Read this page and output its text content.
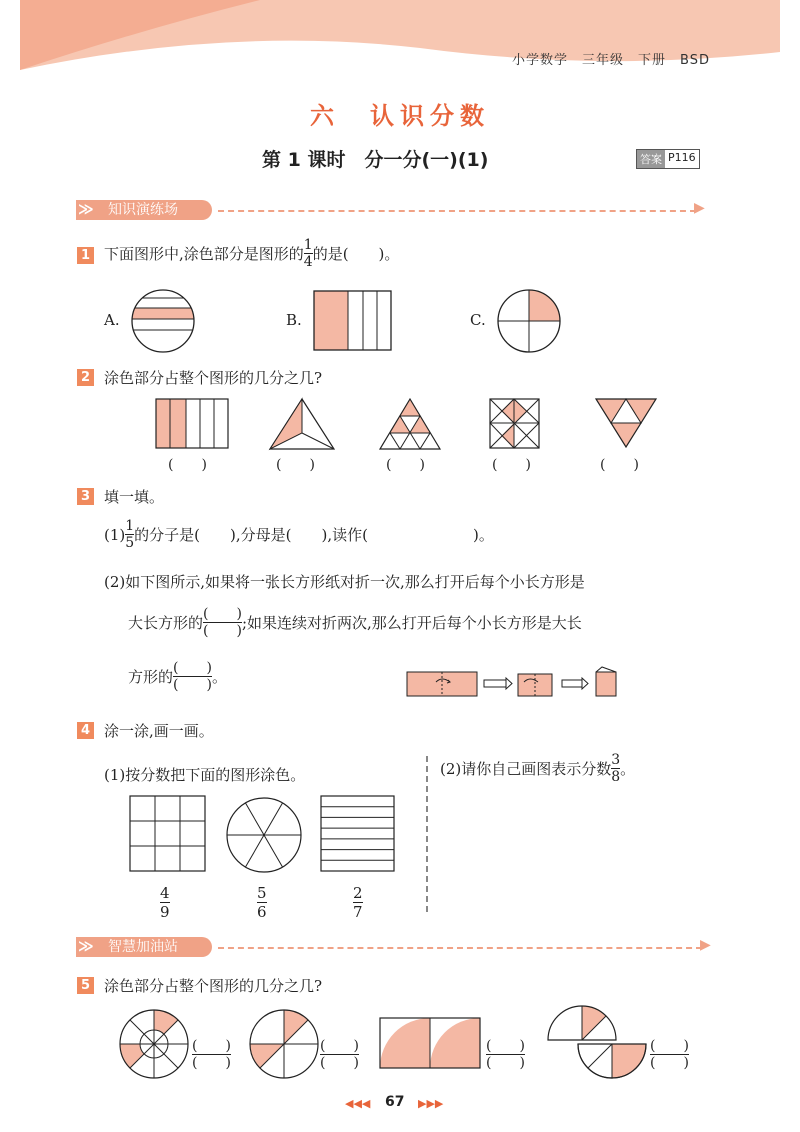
小学数学　三年级　下册　BSD
六　认识分数
第 1 课时　分一分(一)(1)	答案 P116
知识演练场
≫	▶
1 下面图形中,涂色部分是图形的 $\frac{1}{4}$ 的是(　　)。
A.	B.	C.
2 涂色部分占整个图形的几分之几?
(　　)	(　　)	(　　)	(　　)	(　　)
3 填一填。
$(1) \frac{1}{5}$ 的分子是(　　),分母是(　　),读作(　　　　　　　)。
(2)如下图所示,如果将一张长方形纸对折一次,那么打开后每个小长方形是
大长方形的 $\frac{( )}{( )}$ ;如果连续对折两次,那么打开后每个小长方形是大长
方形的 $\frac{( )}{( )}$ 。
4 涂一涂,画一画。
(1)按分数把下面的图形涂色。	(2)请你自己画图表示分数 $\frac{3}{8}$ 。
4
9
5
6
2
7
智慧加油站
≫	▶
5 涂色部分占整个图形的几分之几?
(　　)
(　　)
(　　)
(　　)
(　　)
(　　)
(　　)
(　　)
◀◀◀ 67 ▶▶▶
